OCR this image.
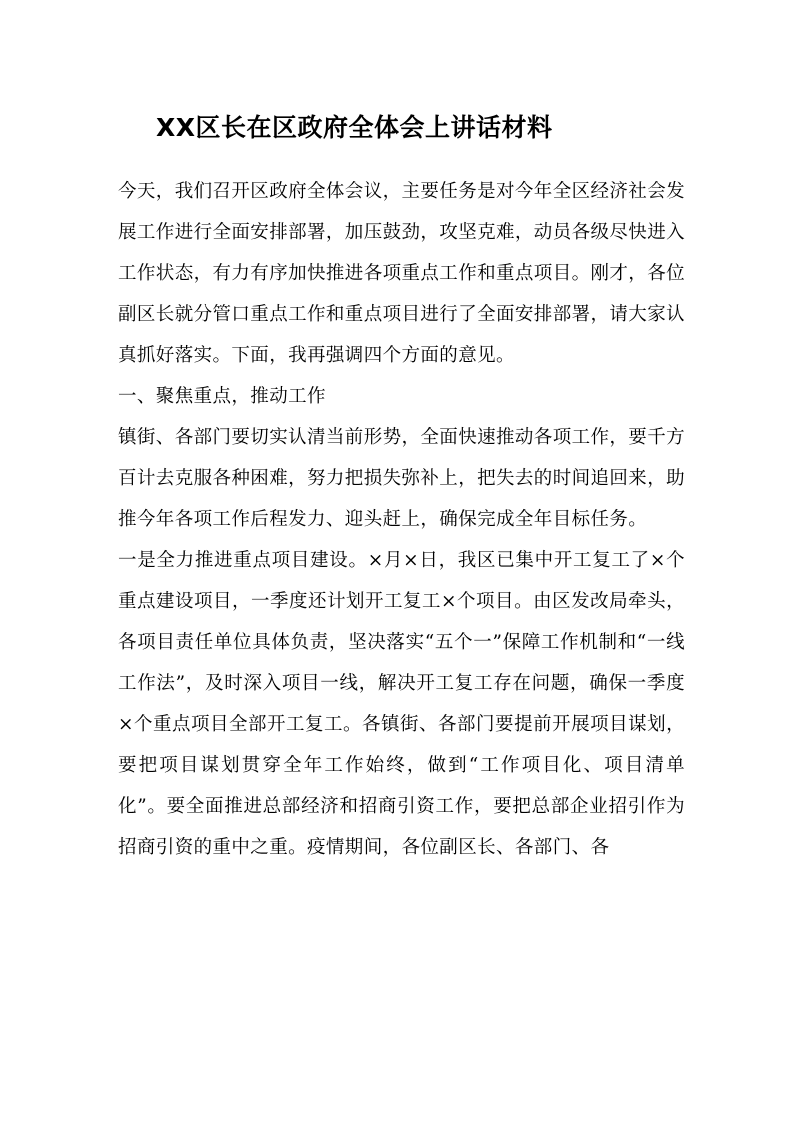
XX区长在区政府全体会上讲话材料

今天，我们召开区政府全体会议，主要任务是对今年全区经济社会发展工作进行全面安排部署，加压鼓劲，攻坚克难，动员各级尽快进入工作状态，有力有序加快推进各项重点工作和重点项目。刚才，各位副区长就分管口重点工作和重点项目进行了全面安排部署，请大家认真抓好落实。下面，我再强调四个方面的意见。

一、聚焦重点，推动工作

镇街、各部门要切实认清当前形势，全面快速推动各项工作，要千方百计去克服各种困难，努力把损失弥补上，把失去的时间追回来，助推今年各项工作后程发力、迎头赶上，确保完成全年目标任务。

一是全力推进重点项目建设。×月×日，我区已集中开工复工了×个重点建设项目，一季度还计划开工复工×个项目。由区发改局牵头，各项目责任单位具体负责，坚决落实“五个一”保障工作机制和“一线工作法”，及时深入项目一线，解决开工复工存在问题，确保一季度×个重点项目全部开工复工。各镇街、各部门要提前开展项目谋划，要把项目谋划贯穿全年工作始终，做到“工作项目化、项目清单化”。要全面推进总部经济和招商引资工作，要把总部企业招引作为招商引资的重中之重。疫情期间，各位副区长、各部门、各
